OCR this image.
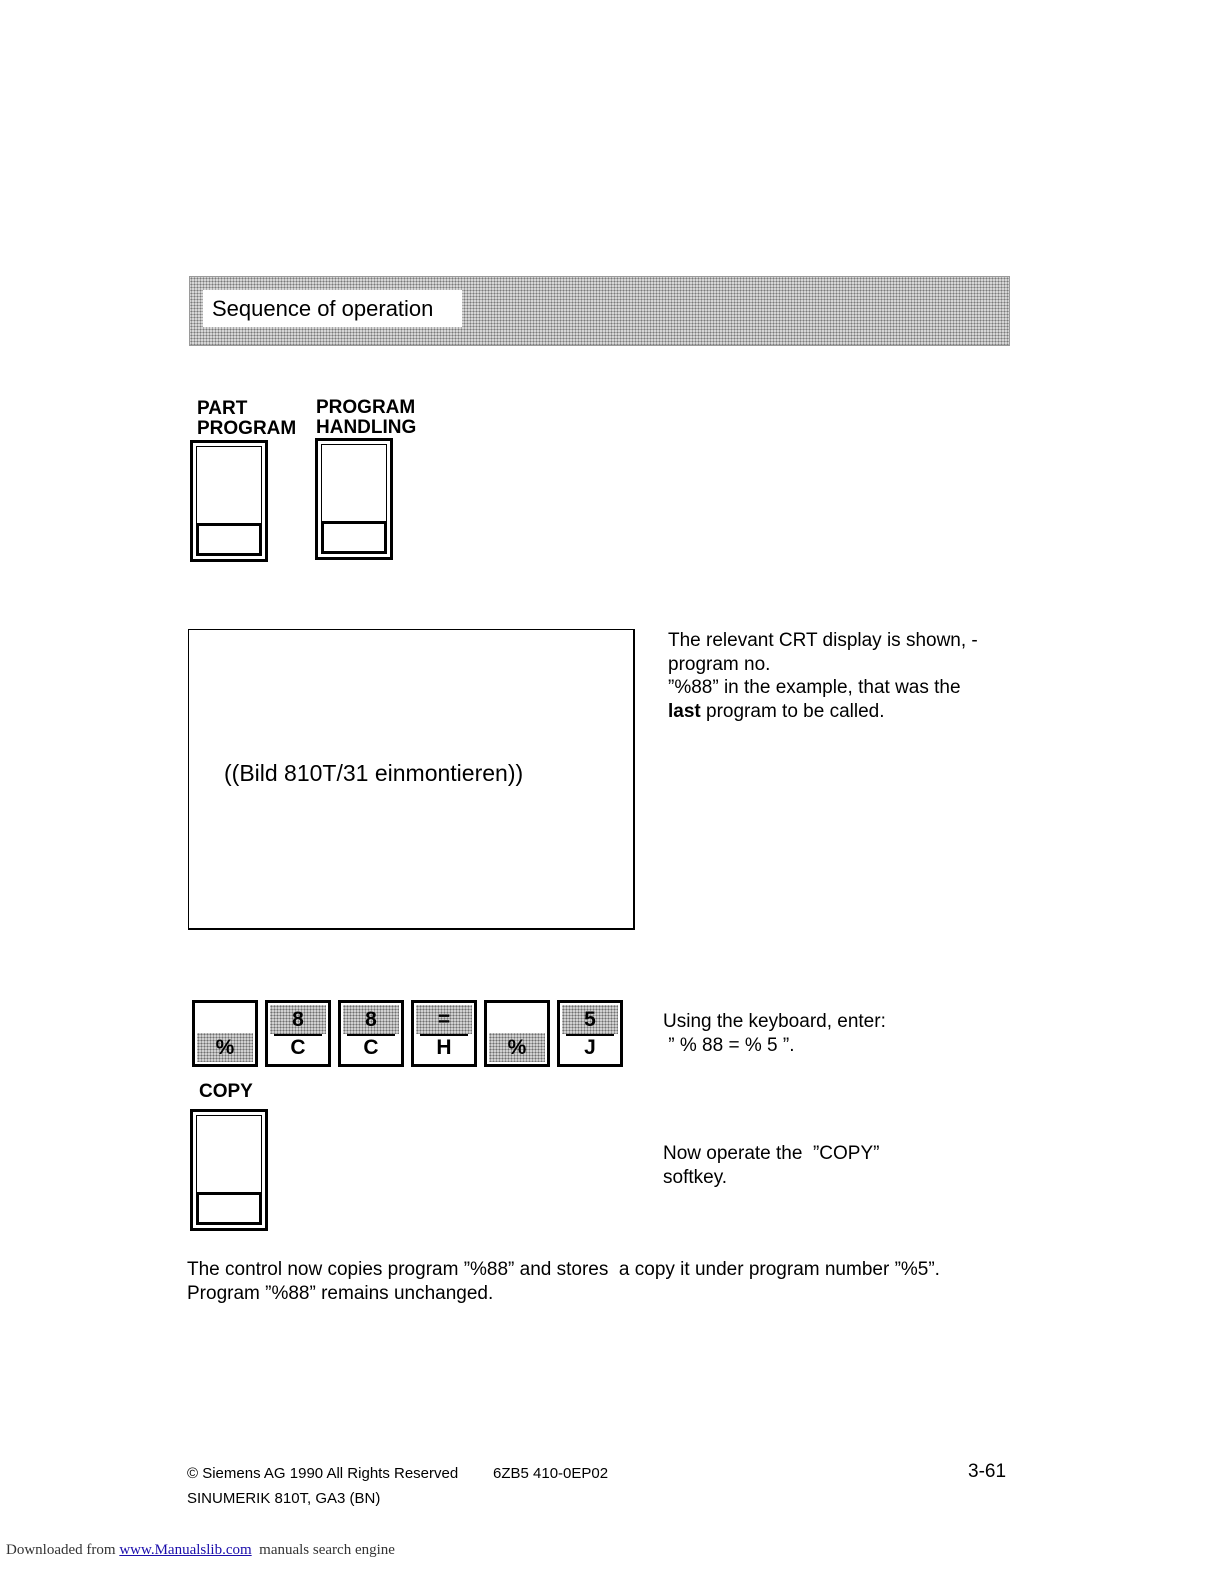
Sequence of operation
PART
PROGRAM
PROGRAM
HANDLING
((Bild 810T/31 einmontieren))
The relevant CRT display is shown, -
program no.
”%88” in the example, that was the
last program to be called.
%
8
C
8
C
=
H	%
5
J
Using the keyboard, enter:
” % 88 = % 5 ”.
COPY
Now operate the  ”COPY”
softkey.
The control now copies program ”%88” and stores  a copy it under program number ”%5”.
Program ”%88” remains unchanged.
© Siemens AG 1990 All Rights Reserved 6ZB5 410-0EP02	3-61
SINUMERIK 810T, GA3 (BN)
Downloaded from www.Manualslib.com  manuals search engine
